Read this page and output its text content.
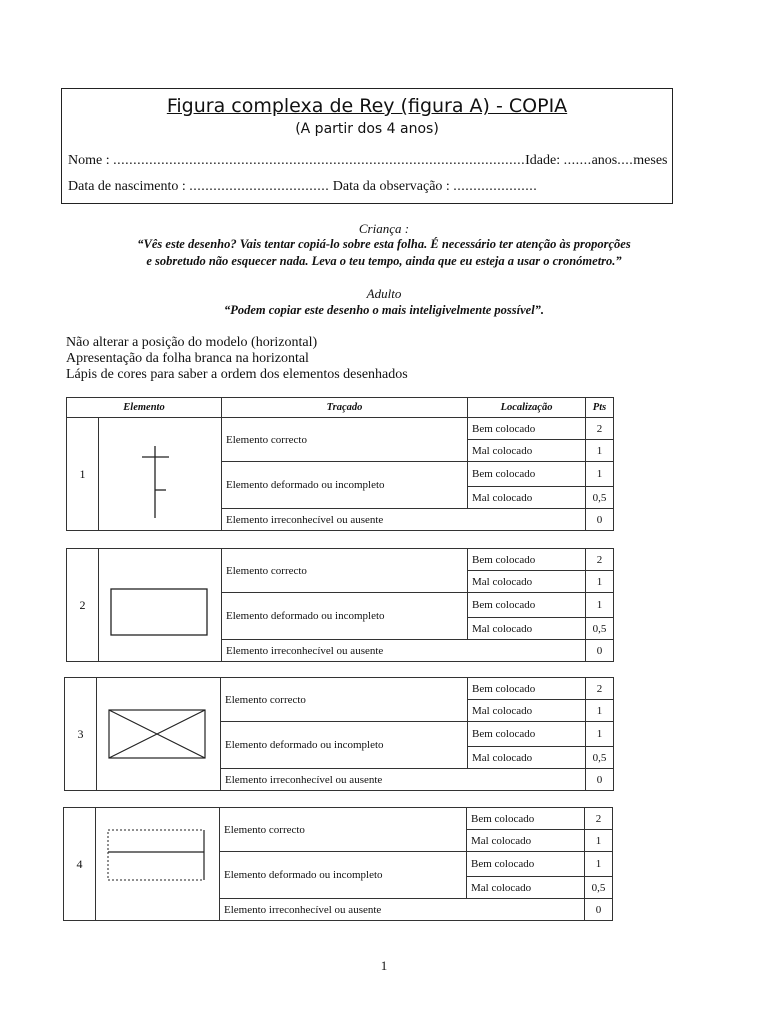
Figura complexa de Rey (figura A) - COPIA
(A partir dos 4 anos)
Nome : .......................................................................................................Idade: .......anos....meses
Data de nascimento : ................................... Data da observação : .....................
Criança :
“Vês este desenho? Vais tentar copiá-lo sobre esta folha. É necessário ter atenção às proporções
e sobretudo não esquecer nada. Leva o teu tempo, ainda que eu esteja a usar o cronómetro.”
Adulto
“Podem copiar este desenho o mais inteligivelmente possível”.
Não alterar a posição do modelo (horizontal)
Apresentação da folha branca na horizontal
Lápis de cores para saber a ordem dos elementos desenhados
Elemento		Traçado	Localização	Pts
1		Elemento correcto	Bem colocado	2
			Mal colocado	1
		Elemento deformado ou incompleto	Bem colocado	1
			Mal colocado	0,5
		Elemento irreconhecível ou ausente		0
2		Elemento correcto	Bem colocado	2
			Mal colocado	1
		Elemento deformado ou incompleto	Bem colocado	1
			Mal colocado	0,5
		Elemento irreconhecível ou ausente		0
3		Elemento correcto	Bem colocado	2
			Mal colocado	1
		Elemento deformado ou incompleto	Bem colocado	1
			Mal colocado	0,5
		Elemento irreconhecível ou ausente		0
4		Elemento correcto	Bem colocado	2
			Mal colocado	1
		Elemento deformado ou incompleto	Bem colocado	1
			Mal colocado	0,5
		Elemento irreconhecível ou ausente		0
1
